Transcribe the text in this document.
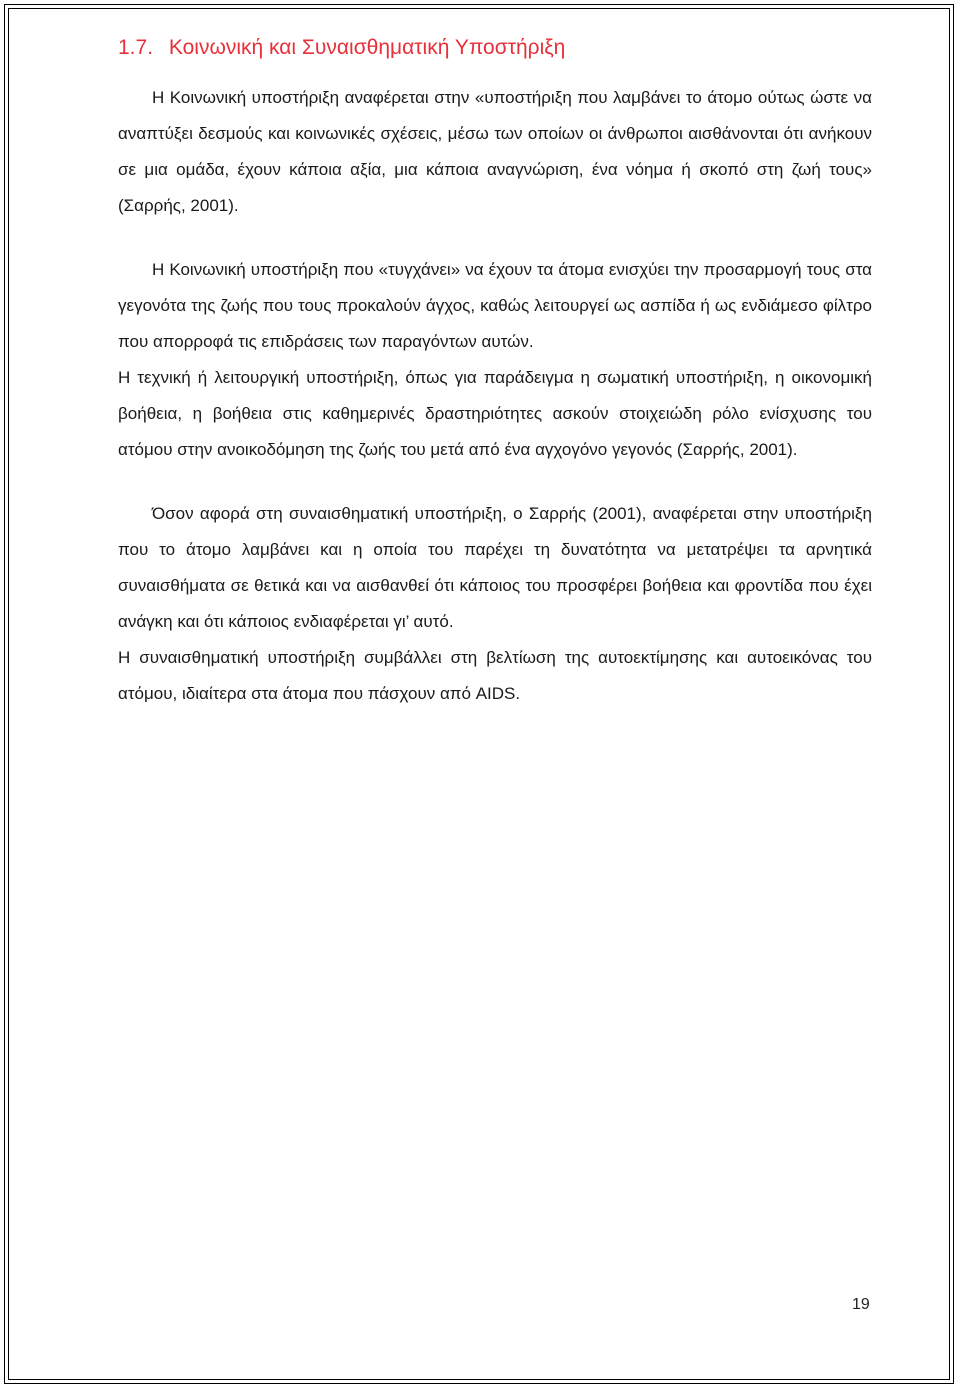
1.7. Κοινωνική και Συναισθηματική Υποστήριξη

Η Κοινωνική υποστήριξη αναφέρεται στην «υποστήριξη που λαμβάνει το άτομο ούτως ώστε να αναπτύξει δεσμούς και κοινωνικές σχέσεις, μέσω των οποίων οι άνθρωποι αισθάνονται ότι ανήκουν σε μια ομάδα, έχουν κάποια αξία, μια κάποια αναγνώριση, ένα νόημα ή σκοπό στη ζωή τους» (Σαρρής, 2001).

Η Κοινωνική υποστήριξη που «τυγχάνει» να έχουν τα άτομα ενισχύει την προσαρμογή τους στα γεγονότα της ζωής που τους προκαλούν άγχος, καθώς λειτουργεί ως ασπίδα ή ως ενδιάμεσο φίλτρο που απορροφά τις επιδράσεις των παραγόντων αυτών.

Η τεχνική ή λειτουργική υποστήριξη, όπως για παράδειγμα η σωματική υποστήριξη, η οικονομική βοήθεια, η βοήθεια στις καθημερινές δραστηριότητες ασκούν στοιχειώδη ρόλο ενίσχυσης του ατόμου στην ανοικοδόμηση της ζωής του μετά από ένα αγχογόνο γεγονός (Σαρρής, 2001).

Όσον αφορά στη συναισθηματική υποστήριξη, ο Σαρρής (2001), αναφέρεται στην υποστήριξη που το άτομο λαμβάνει και η οποία του παρέχει τη δυνατότητα να μετατρέψει τα αρνητικά συναισθήματα σε θετικά και να αισθανθεί ότι κάποιος του προσφέρει βοήθεια και φροντίδα που έχει ανάγκη και ότι κάποιος ενδιαφέρεται γι’ αυτό.

Η συναισθηματική υποστήριξη συμβάλλει στη βελτίωση της αυτοεκτίμησης και αυτοεικόνας του ατόμου, ιδιαίτερα στα άτομα που πάσχουν από AIDS.

19
